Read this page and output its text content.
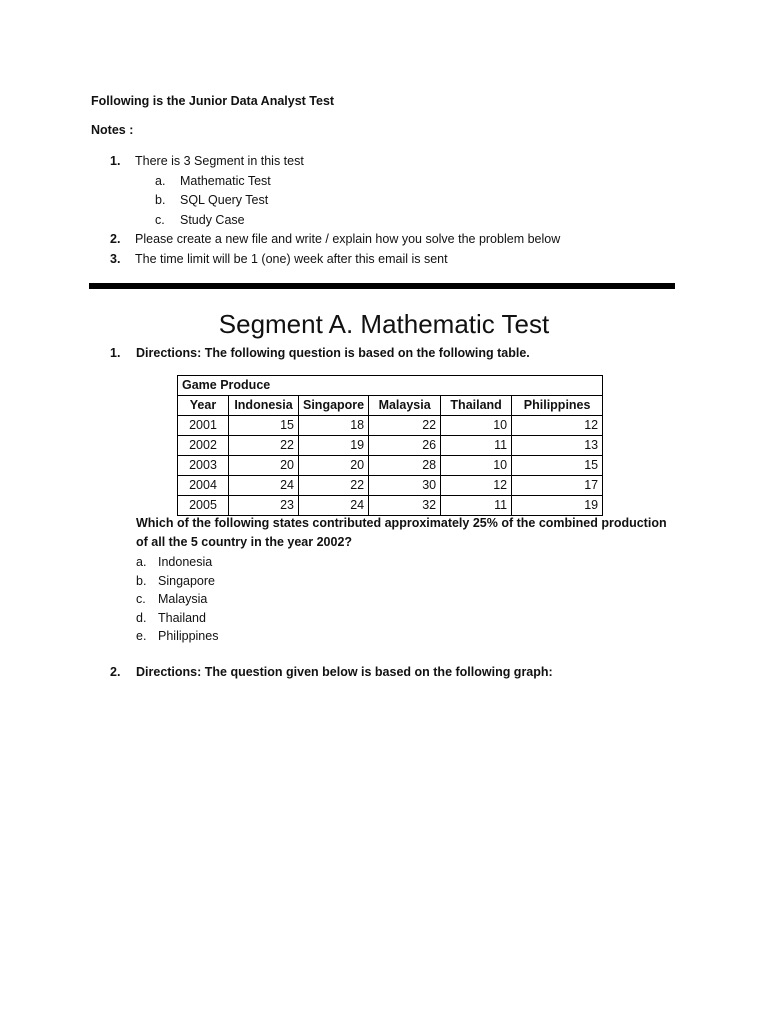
Following is the Junior Data Analyst Test
Notes :
1. There is 3 Segment in this test
a. Mathematic Test
b. SQL Query Test
c. Study Case
2. Please create a new file and write / explain how you solve the problem below
3. The time limit will be 1 (one) week after this email is sent
Segment A. Mathematic Test
1. Directions: The following question is based on the following table.
Game Produce					
Year	Indonesia	Singapore	Malaysia	Thailand	Philippines
2001	15	18	22	10	12
2002	22	19	26	11	13
2003	20	20	28	10	15
2004	24	22	30	12	17
2005	23	24	32	11	19
Which of the following states contributed approximately 25% of the combined production of all the 5 country in the year 2002?
a. Indonesia
b. Singapore
c. Malaysia
d. Thailand
e. Philippines
2. Directions: The question given below is based on the following graph:
